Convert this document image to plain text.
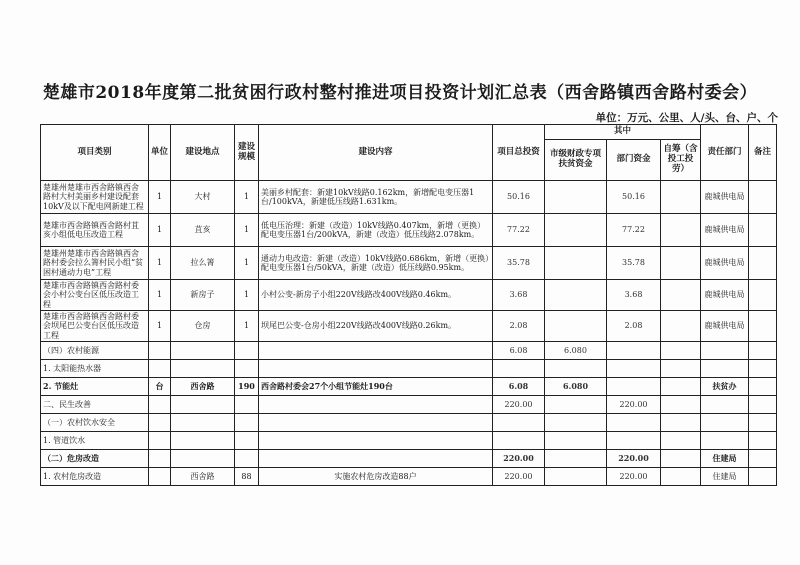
楚雄市2018年度第二批贫困行政村整村推进项目投资计划汇总表（西舍路镇西舍路村委会）
单位：万元、公里、人/头、台、户、个
项目类别	单位	建设地点	建设规模	建设内容	项目总投资	其中			责任部门	备注
						市级财政专项扶贫资金	部门资金	自筹（含投工投劳）		
楚雄州楚雄市西舍路镇西舍路村大村美丽乡村建设配套10kV及以下配电网新建工程	1	大村	1	美丽乡村配套：新建10kV线路0.162km，新增配电变压器1台/100kVA，新建低压线路1.631km。	50.16		50.16		鹿城供电局	
楚雄市西舍路镇西舍路村苴亥小组低电压改造工程	1	苴亥	1	低电压治理：新建（改造）10kV线路0.407km，新增（更换）配电变压器1台/200kVA，新建（改造）低压线路2.078km。	77.22		77.22		鹿城供电局	
楚雄州楚雄市西舍路镇西舍路村委会拉么箐村民小组“贫困村通动力电”工程	1	拉么箐	1	通动力电改造：新建（改造）10kV线路0.686km，新增（更换）配电变压器1台/50kVA，新建（改造）低压线路0.95km。	35.78		35.78		鹿城供电局	
楚雄市西舍路镇西舍路村委会小村公变台区低压改造工程	1	新房子	1	小村公变-新房子小组220V线路改400V线路0.46km。	3.68		3.68		鹿城供电局	
楚雄市西舍路镇西舍路村委会坝尾巴公变台区低压改造工程	1	仓房	1	坝尾巴公变-仓房小组220V线路改400V线路0.26km。	2.08		2.08		鹿城供电局	
（四）农村能源					6.08	6.080				
1. 太阳能热水器										
2. 节能灶	台	西舍路	190	西舍路村委会27个小组节能灶190台	6.08	6.080			扶贫办	
二、民生改善					220.00		220.00			
（一）农村饮水安全										
1. 管道饮水										
（二）危房改造					220.00		220.00		住建局	
1. 农村危房改造		西舍路	88	实施农村危房改造88户	220.00		220.00		住建局	
